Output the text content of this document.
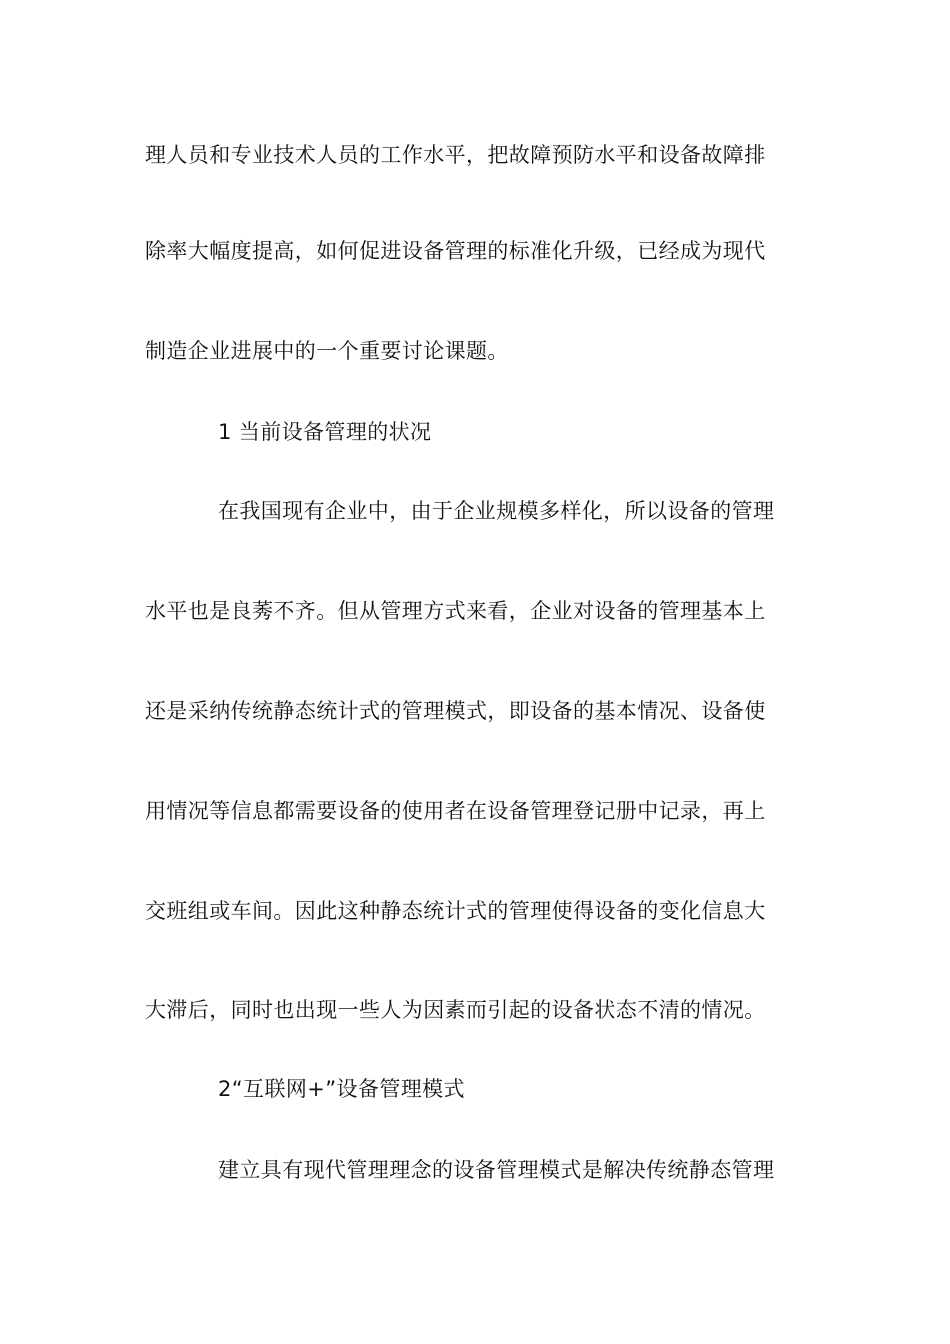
理人员和专业技术人员的工作水平，把故障预防水平和设备故障排
除率大幅度提高，如何促进设备管理的标准化升级，已经成为现代
制造企业进展中的一个重要讨论课题。
1 当前设备管理的状况
在我国现有企业中，由于企业规模多样化，所以设备的管理
水平也是良莠不齐。但从管理方式来看，企业对设备的管理基本上
还是采纳传统静态统计式的管理模式，即设备的基本情况、设备使
用情况等信息都需要设备的使用者在设备管理登记册中记录，再上
交班组或车间。因此这种静态统计式的管理使得设备的变化信息大
大滞后，同时也出现一些人为因素而引起的设备状态不清的情况。
2“互联网+”设备管理模式
建立具有现代管理理念的设备管理模式是解决传统静态管理
